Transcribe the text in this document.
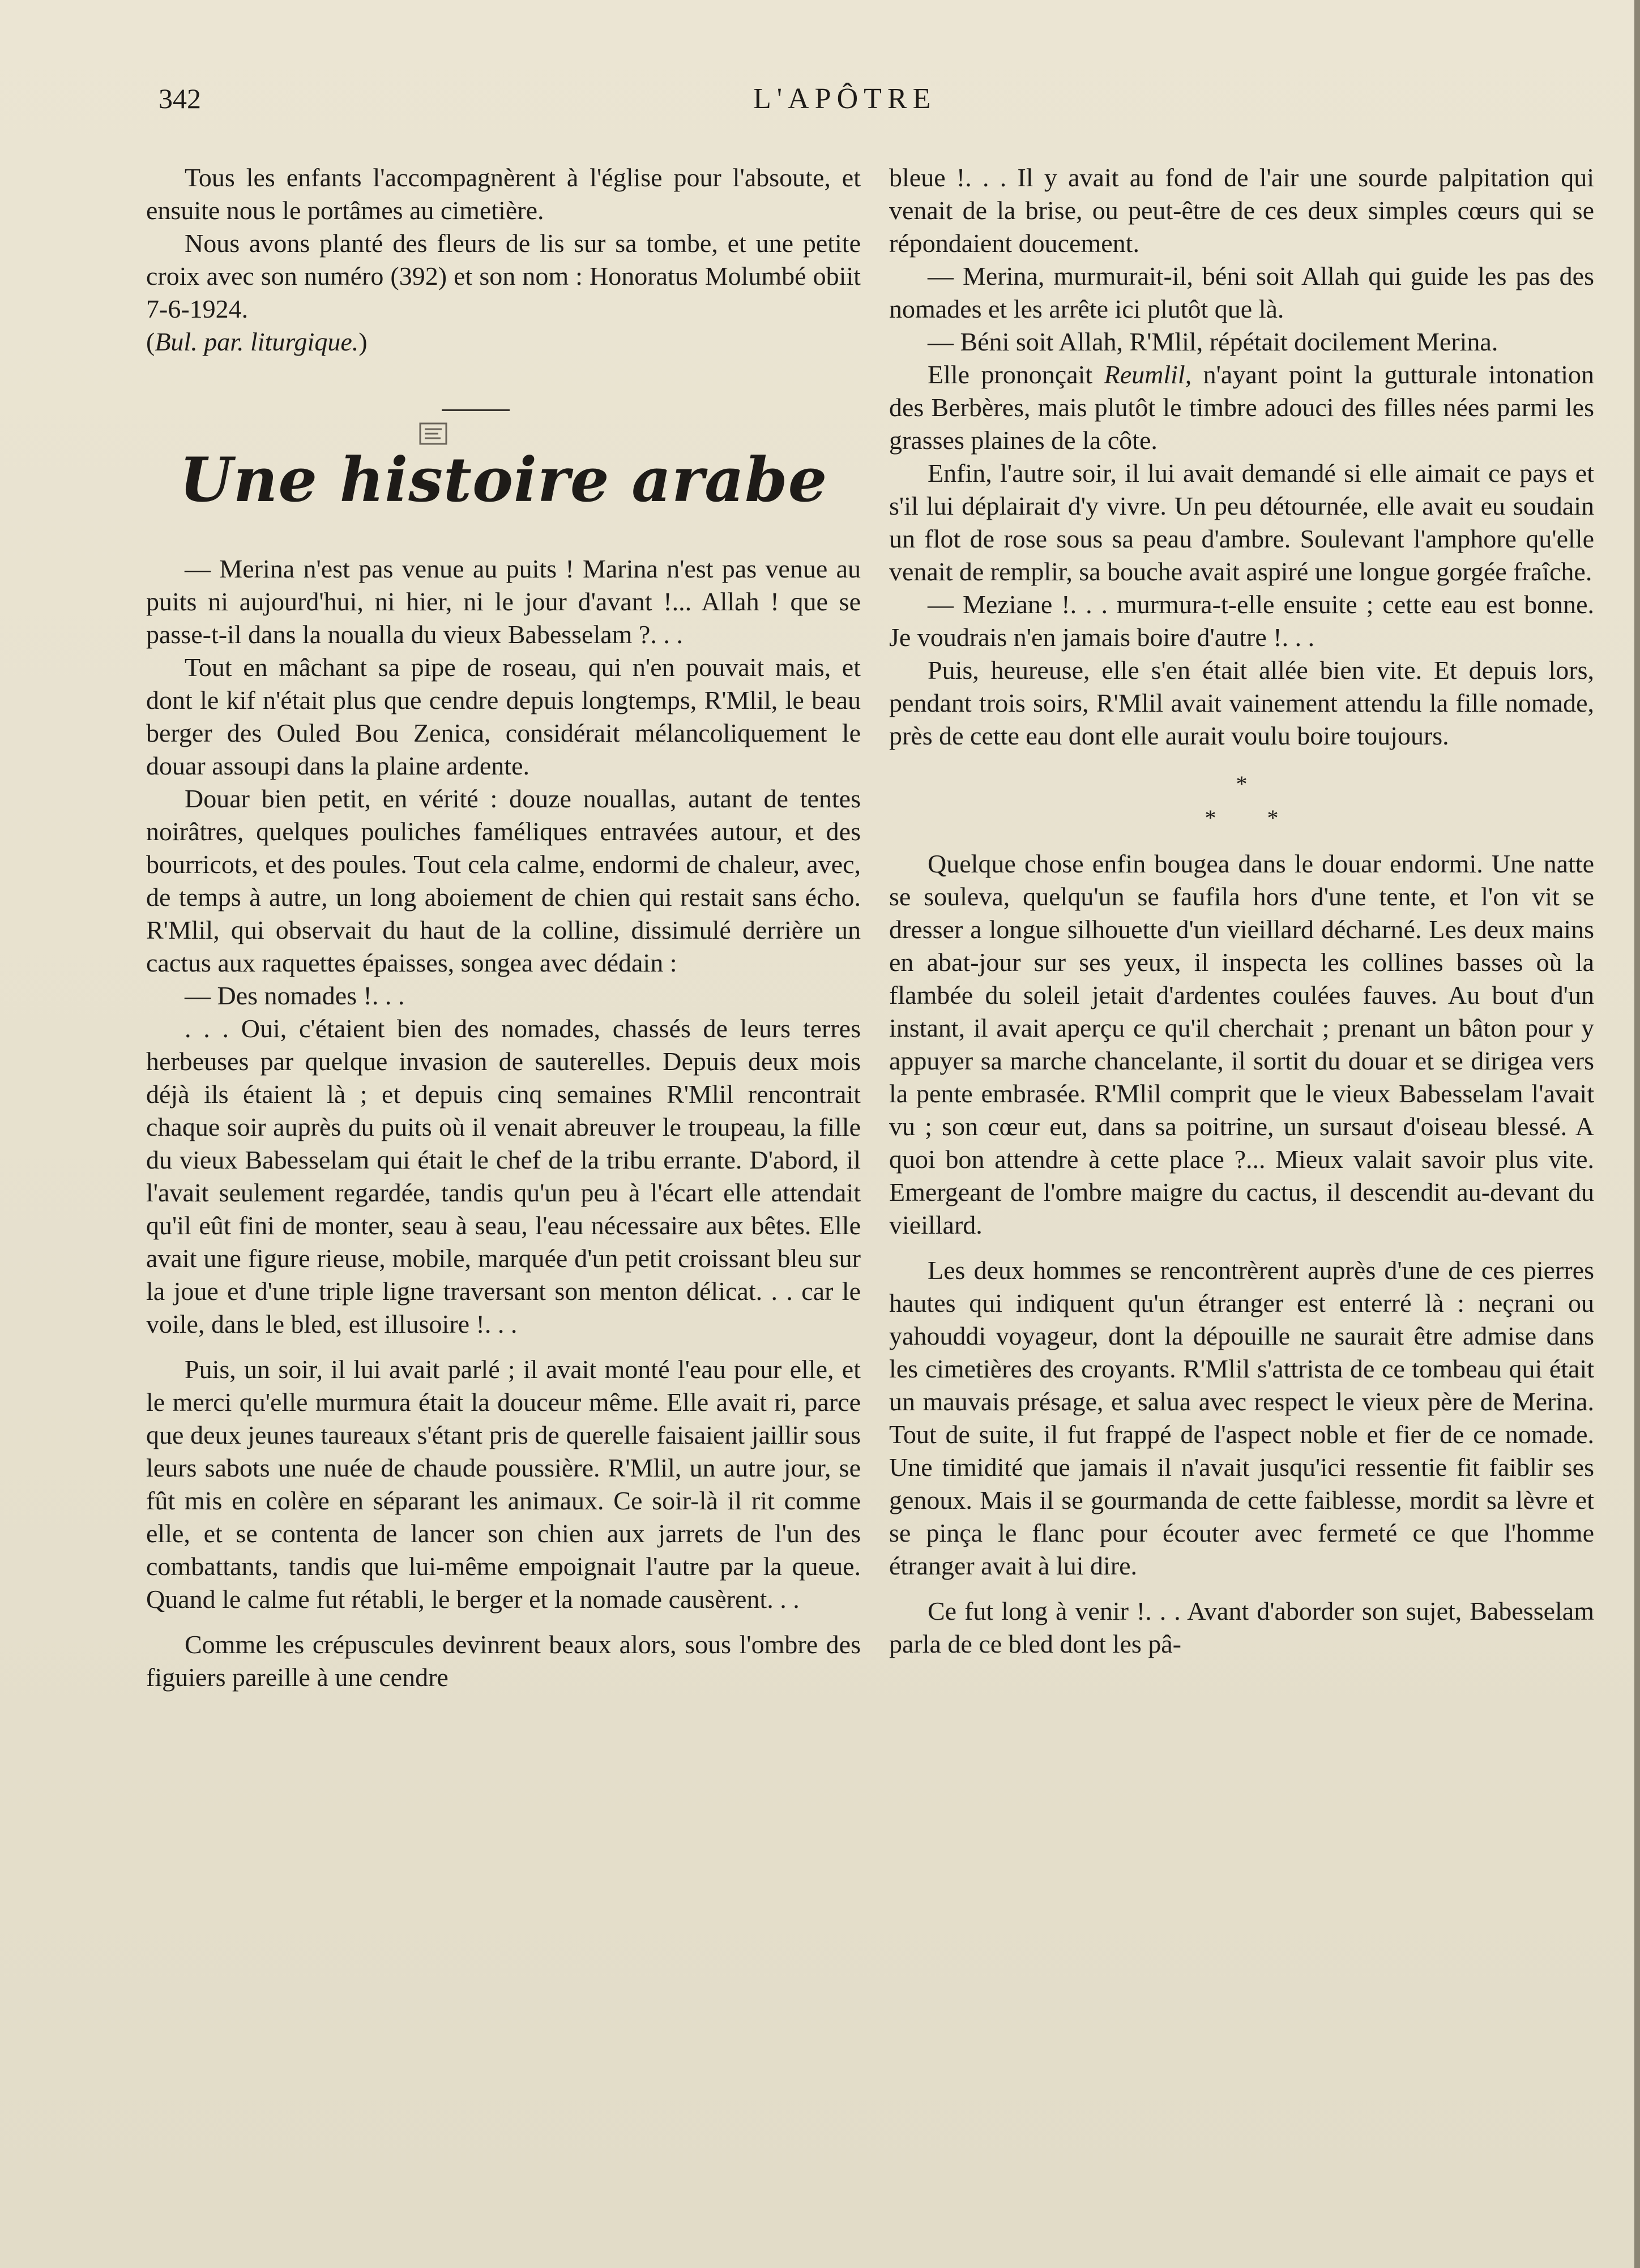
342	L'APÔTRE

Tous les enfants l'accompagnèrent à l'église pour l'absoute, et ensuite nous le portâmes au cimetière.

Nous avons planté des fleurs de lis sur sa tombe, et une petite croix avec son numéro (392) et son nom : Honoratus Molumbé obiit 7-6-1924.

(Bul. par. liturgique.)

Une histoire arabe

— Merina n'est pas venue au puits ! Marina n'est pas venue au puits ni aujourd'hui, ni hier, ni le jour d'avant !... Allah ! que se passe-t-il dans la noualla du vieux Babesselam ?. . .

Tout en mâchant sa pipe de roseau, qui n'en pouvait mais, et dont le kif n'était plus que cendre depuis longtemps, R'Mlil, le beau berger des Ouled Bou Zenica, considérait mélancoliquement le douar assoupi dans la plaine ardente.

Douar bien petit, en vérité : douze nouallas, autant de tentes noirâtres, quelques pouliches faméliques entravées autour, et des bourricots, et des poules. Tout cela calme, endormi de chaleur, avec, de temps à autre, un long aboiement de chien qui restait sans écho. R'Mlil, qui observait du haut de la colline, dissimulé derrière un cactus aux raquettes épaisses, songea avec dédain :

— Des nomades !. . .

. . . Oui, c'étaient bien des nomades, chassés de leurs terres herbeuses par quelque invasion de sauterelles. Depuis deux mois déjà ils étaient là ; et depuis cinq semaines R'Mlil rencontrait chaque soir auprès du puits où il venait abreuver le troupeau, la fille du vieux Babesselam qui était le chef de la tribu errante. D'abord, il l'avait seulement regardée, tandis qu'un peu à l'écart elle attendait qu'il eût fini de monter, seau à seau, l'eau nécessaire aux bêtes. Elle avait une figure rieuse, mobile, marquée d'un petit croissant bleu sur la joue et d'une triple ligne traversant son menton délicat. . . car le voile, dans le bled, est illusoire !. . .

Puis, un soir, il lui avait parlé ; il avait monté l'eau pour elle, et le merci qu'elle murmura était la douceur même. Elle avait ri, parce que deux jeunes taureaux s'étant pris de querelle faisaient jaillir sous leurs sabots une nuée de chaude poussière. R'Mlil, un autre jour, se fût mis en colère en séparant les animaux. Ce soir-là il rit comme elle, et se contenta de lancer son chien aux jarrets de l'un des combattants, tandis que lui-même empoignait l'autre par la queue. Quand le calme fut rétabli, le berger et la nomade causèrent. . .

Comme les crépuscules devinrent beaux alors, sous l'ombre des figuiers pareille à une cendre

bleue !. . . Il y avait au fond de l'air une sourde palpitation qui venait de la brise, ou peut-être de ces deux simples cœurs qui se répondaient doucement.

— Merina, murmurait-il, béni soit Allah qui guide les pas des nomades et les arrête ici plutôt que là.

— Béni soit Allah, R'Mlil, répétait docilement Merina.

Elle prononçait Reumlil, n'ayant point la gutturale intonation des Berbères, mais plutôt le timbre adouci des filles nées parmi les grasses plaines de la côte.

Enfin, l'autre soir, il lui avait demandé si elle aimait ce pays et s'il lui déplairait d'y vivre. Un peu détournée, elle avait eu soudain un flot de rose sous sa peau d'ambre. Soulevant l'amphore qu'elle venait de remplir, sa bouche avait aspiré une longue gorgée fraîche.

— Meziane !. . . murmura-t-elle ensuite ; cette eau est bonne. Je voudrais n'en jamais boire d'autre !. . .

Puis, heureuse, elle s'en était allée bien vite. Et depuis lors, pendant trois soirs, R'Mlil avait vainement attendu la fille nomade, près de cette eau dont elle aurait voulu boire toujours.

*
* *

Quelque chose enfin bougea dans le douar endormi. Une natte se souleva, quelqu'un se faufila hors d'une tente, et l'on vit se dresser a longue silhouette d'un vieillard décharné. Les deux mains en abat-jour sur ses yeux, il inspecta les collines basses où la flambée du soleil jetait d'ardentes coulées fauves. Au bout d'un instant, il avait aperçu ce qu'il cherchait ; prenant un bâton pour y appuyer sa marche chancelante, il sortit du douar et se dirigea vers la pente embrasée. R'Mlil comprit que le vieux Babesselam l'avait vu ; son cœur eut, dans sa poitrine, un sursaut d'oiseau blessé. A quoi bon attendre à cette place ?... Mieux valait savoir plus vite. Emergeant de l'ombre maigre du cactus, il descendit au-devant du vieillard.

Les deux hommes se rencontrèrent auprès d'une de ces pierres hautes qui indiquent qu'un étranger est enterré là : neçrani ou yahouddi voyageur, dont la dépouille ne saurait être admise dans les cimetières des croyants. R'Mlil s'attrista de ce tombeau qui était un mauvais présage, et salua avec respect le vieux père de Merina. Tout de suite, il fut frappé de l'aspect noble et fier de ce nomade. Une timidité que jamais il n'avait jusqu'ici ressentie fit faiblir ses genoux. Mais il se gourmanda de cette faiblesse, mordit sa lèvre et se pinça le flanc pour écouter avec fermeté ce que l'homme étranger avait à lui dire.

Ce fut long à venir !. . . Avant d'aborder son sujet, Babesselam parla de ce bled dont les pâ-
